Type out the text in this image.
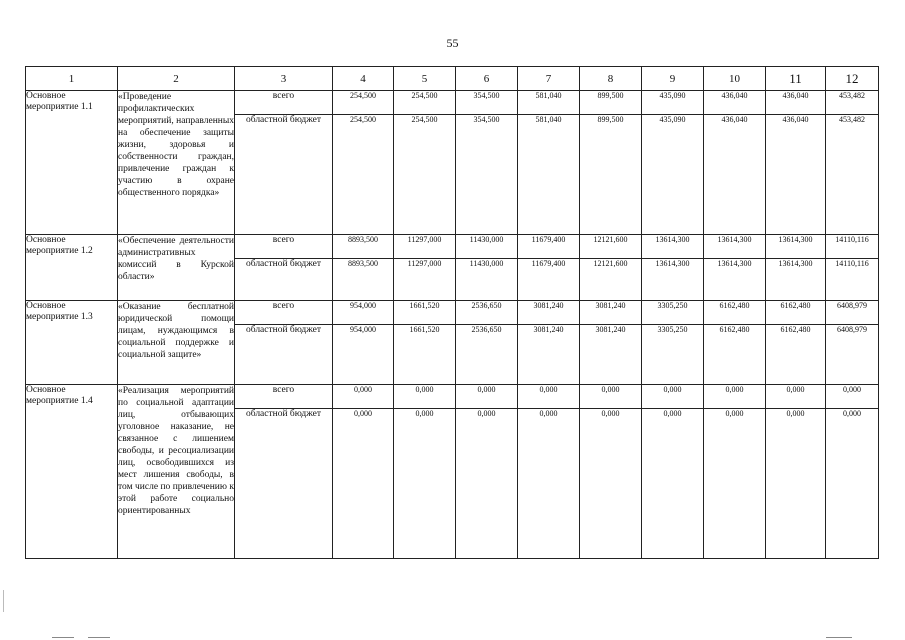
55
1	2	3	4	5	6	7	8	9	10	11	12
Основное мероприятие 1.1	«Проведение профилактических мероприятий, направленных на обеспечение защиты жизни, здоровья и собственности граждан, привлечение граждан к участию в охране общественного порядка»	всего	254,500	254,500	354,500	581,040	899,500	435,090	436,040	436,040	453,482
		областной бюджет	254,500	254,500	354,500	581,040	899,500	435,090	436,040	436,040	453,482
Основное мероприятие 1.2	«Обеспечение деятельности административных комиссий в Курской области»	всего	8893,500	11297,000	11430,000	11679,400	12121,600	13614,300	13614,300	13614,300	14110,116
		областной бюджет	8893,500	11297,000	11430,000	11679,400	12121,600	13614,300	13614,300	13614,300	14110,116
Основное мероприятие 1.3	«Оказание бесплатной юридической помощи лицам, нуждающимся в социальной поддержке и социальной защите»	всего	954,000	1661,520	2536,650	3081,240	3081,240	3305,250	6162,480	6162,480	6408,979
		областной бюджет	954,000	1661,520	2536,650	3081,240	3081,240	3305,250	6162,480	6162,480	6408,979
Основное мероприятие 1.4	«Реализация мероприятий по социальной адаптации лиц, отбывающих уголовное наказание, не связанное с лишением свободы, и ресоциализации лиц, освободившихся из мест лишения свободы, в том числе по привлечению к этой работе социально ориентированных	всего	0,000	0,000	0,000	0,000	0,000	0,000	0,000	0,000	0,000
		областной бюджет	0,000	0,000	0,000	0,000	0,000	0,000	0,000	0,000	0,000
